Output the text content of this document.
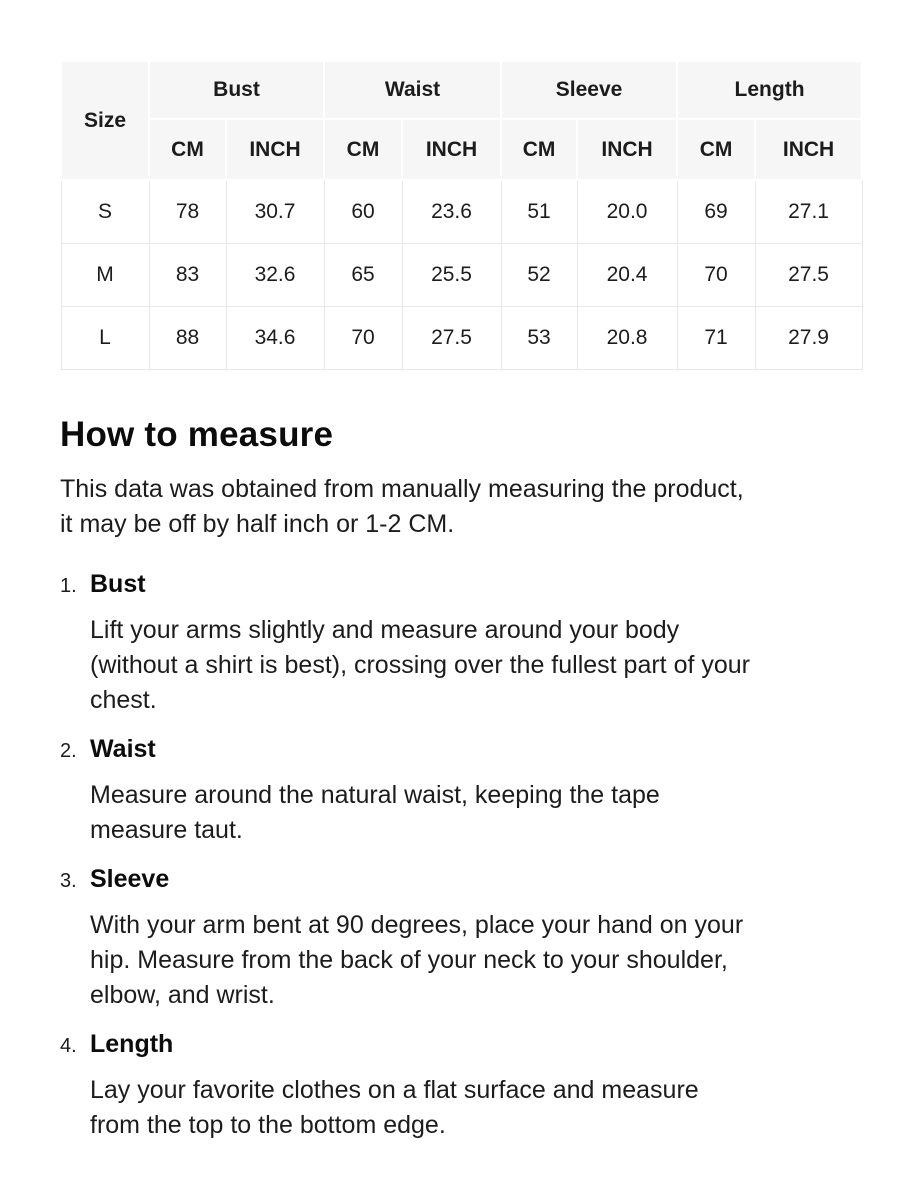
Size	Bust		Waist		Sleeve		Length	
	CM	INCH	CM	INCH	CM	INCH	CM	INCH
S	78	30.7	60	23.6	51	20.0	69	27.1
M	83	32.6	65	25.5	52	20.4	70	27.5
L	88	34.6	70	27.5	53	20.8	71	27.9
How to measure

This data was obtained from manually measuring the product,
it may be off by half inch or 1-2 CM.

1. Bust
Lift your arms slightly and measure around your body
(without a shirt is best), crossing over the fullest part of your
chest.
2. Waist
Measure around the natural waist, keeping the tape
measure taut.
3. Sleeve
With your arm bent at 90 degrees, place your hand on your
hip. Measure from the back of your neck to your shoulder,
elbow, and wrist.
4. Length
Lay your favorite clothes on a flat surface and measure
from the top to the bottom edge.
